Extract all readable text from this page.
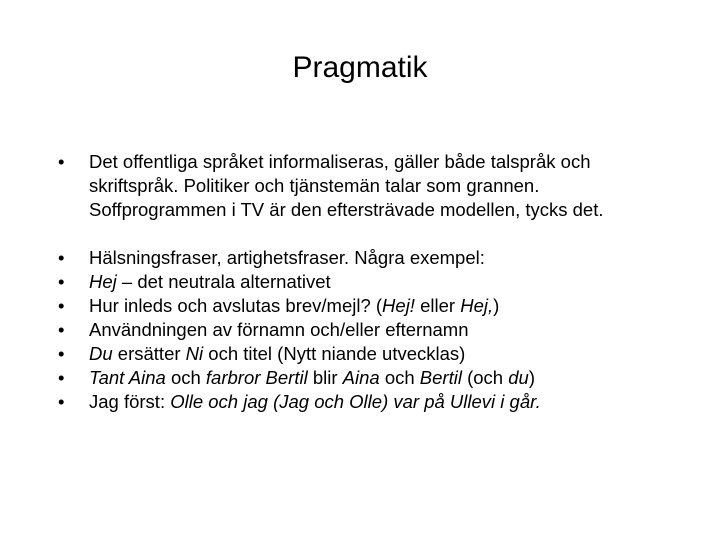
Pragmatik
•	Det offentliga språket informaliseras, gäller både talspråk och skriftspråk. Politiker och tjänstemän talar som grannen. Soffprogrammen i TV är den eftersträvade modellen, tycks det.
•	Hälsningsfraser, artighetsfraser. Några exempel:
•	Hej – det neutrala alternativet
•	Hur inleds och avslutas brev/mejl? (Hej! eller Hej,)
•	Användningen av förnamn och/eller efternamn
•	Du ersätter Ni och titel (Nytt niande utvecklas)
•	Tant Aina och farbror Bertil blir Aina och Bertil (och du)
•	Jag först: Olle och jag (Jag och Olle) var på Ullevi i går.
